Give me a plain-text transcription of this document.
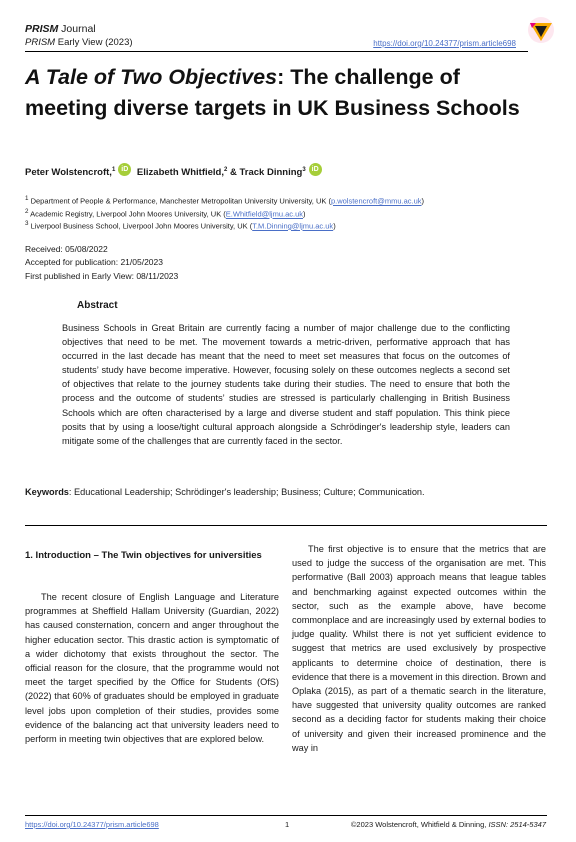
PRISM Journal
PRISM Early View (2023)	https://doi.org/10.24377/prism.article698
A Tale of Two Objectives: The challenge of meeting diverse targets in UK Business Schools
Peter Wolstencroft,$^1$ iD Elizabeth Whitfield,$^2$ & Track Dinning$^3$ iD
$^1$ Department of People & Performance, Manchester Metropolitan University University, UK (p.wolstencroft@mmu.ac.uk)
$^2$ Academic Registry, Liverpool John Moores University, UK (E.Whitfield@ljmu.ac.uk)
$^3$ Liverpool Business School, Liverpool John Moores University, UK (T.M.Dinning@ljmu.ac.uk)
Received: 05/08/2022
Accepted for publication: 21/05/2023
First published in Early View: 08/11/2023
Abstract
Business Schools in Great Britain are currently facing a number of major challenge due to the conflicting objectives that need to be met. The movement towards a metric-driven, performative approach that has occurred in the last decade has meant that the need to meet set measures that focus on the outcomes of students’ study have become imperative. However, focusing solely on these outcomes neglects a second set of objectives that relate to the journey students take during their studies. The need to ensure that both the process and the outcome of students’ studies are stressed is particularly challenging in British Business Schools which are often characterised by a large and diverse student and staff population. This think piece posits that by using a loose/tight cultural approach alongside a Schrödinger's leadership style, leaders can mitigate some of the challenges that are currently faced in the sector.
Keywords: Educational Leadership; Schrödinger's leadership; Business; Culture; Communication.
1. Introduction – The Twin objectives for universities

The recent closure of English Language and Literature programmes at Sheffield Hallam University (Guardian, 2022) has caused consternation, concern and anger throughout the higher education sector. This drastic action is symptomatic of a wider dichotomy that exists throughout the sector. The official reason for the closure, that the programme would not meet the target specified by the Office for Students (OfS) (2022) that 60% of graduates should be employed in graduate level jobs upon completion of their studies, provides some evidence of the balancing act that university leaders need to perform in meeting twin objectives that are explored below.

The first objective is to ensure that the metrics that are used to judge the success of the organisation are met. This performative (Ball 2003) approach means that league tables and benchmarking against expected outcomes within the sector, such as the example above, have become commonplace and are increasingly used by external bodies to judge quality. Whilst there is not yet sufficient evidence to suggest that metrics are used exclusively by prospective applicants to determine choice of destination, there is evidence that there is a movement in this direction. Brown and Oplaka (2015), as part of a thematic search in the literature, have suggested that university quality outcomes are ranked second as a deciding factor for students making their choice of university and given their increased prominence and the way in

https://doi.org/10.24377/prism.article698	1	©2023 Wolstencroft, Whitfield & Dinning, ISSN: 2514-5347
